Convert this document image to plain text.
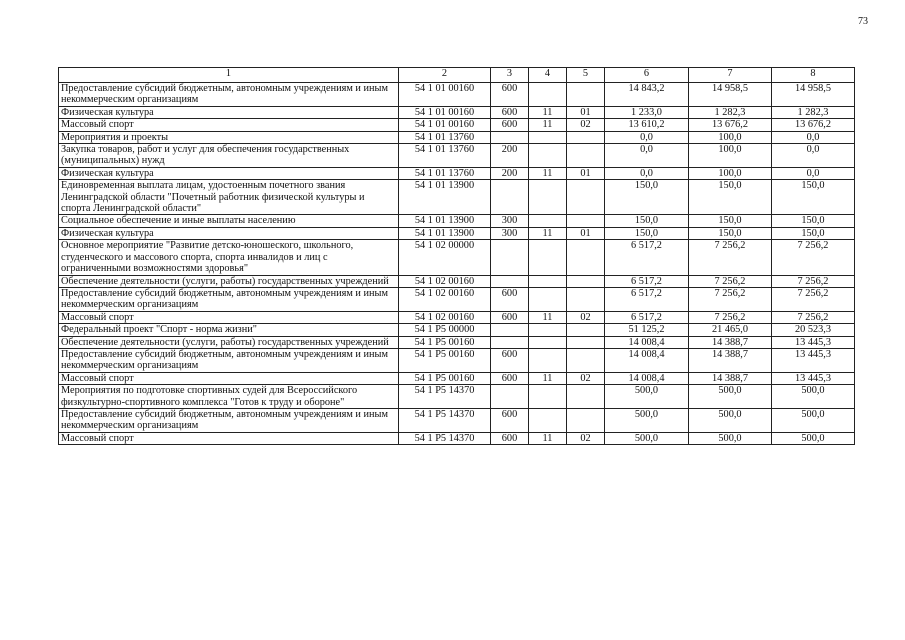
73
1	2	3	4	5	6	7	8
Предоставление субсидий бюджетным, автономным учреждениям и иным некоммерческим организациям	54 1 01 00160	600			14 843,2	14 958,5	14 958,5
Физическая культура	54 1 01 00160	600	11	01	1 233,0	1 282,3	1 282,3
Массовый спорт	54 1 01 00160	600	11	02	13 610,2	13 676,2	13 676,2
Мероприятия и проекты	54 1 01 13760				0,0	100,0	0,0
Закупка товаров, работ и услуг для обеспечения государственных (муниципальных) нужд	54 1 01 13760	200			0,0	100,0	0,0
Физическая культура	54 1 01 13760	200	11	01	0,0	100,0	0,0
Единовременная выплата лицам, удостоенным почетного звания Ленинградской области "Почетный работник физической культуры и спорта Ленинградской области"	54 1 01 13900				150,0	150,0	150,0
Социальное обеспечение и иные выплаты населению	54 1 01 13900	300			150,0	150,0	150,0
Физическая культура	54 1 01 13900	300	11	01	150,0	150,0	150,0
Основное мероприятие "Развитие детско-юношеского, школьного, студенческого и массового спорта, спорта инвалидов и лиц с ограниченными возможностями здоровья"	54 1 02 00000				6 517,2	7 256,2	7 256,2
Обеспечение деятельности (услуги, работы) государственных учреждений	54 1 02 00160				6 517,2	7 256,2	7 256,2
Предоставление субсидий бюджетным, автономным учреждениям и иным некоммерческим организациям	54 1 02 00160	600			6 517,2	7 256,2	7 256,2
Массовый спорт	54 1 02 00160	600	11	02	6 517,2	7 256,2	7 256,2
Федеральный проект "Спорт - норма жизни"	54 1 P5 00000				51 125,2	21 465,0	20 523,3
Обеспечение деятельности (услуги, работы) государственных учреждений	54 1 P5 00160				14 008,4	14 388,7	13 445,3
Предоставление субсидий бюджетным, автономным учреждениям и иным некоммерческим организациям	54 1 P5 00160	600			14 008,4	14 388,7	13 445,3
Массовый спорт	54 1 P5 00160	600	11	02	14 008,4	14 388,7	13 445,3
Мероприятия по подготовке спортивных судей для Всероссийского физкультурно-спортивного комплекса "Готов к труду и обороне"	54 1 P5 14370				500,0	500,0	500,0
Предоставление субсидий бюджетным, автономным учреждениям и иным некоммерческим организациям	54 1 P5 14370	600			500,0	500,0	500,0
Массовый спорт	54 1 P5 14370	600	11	02	500,0	500,0	500,0
